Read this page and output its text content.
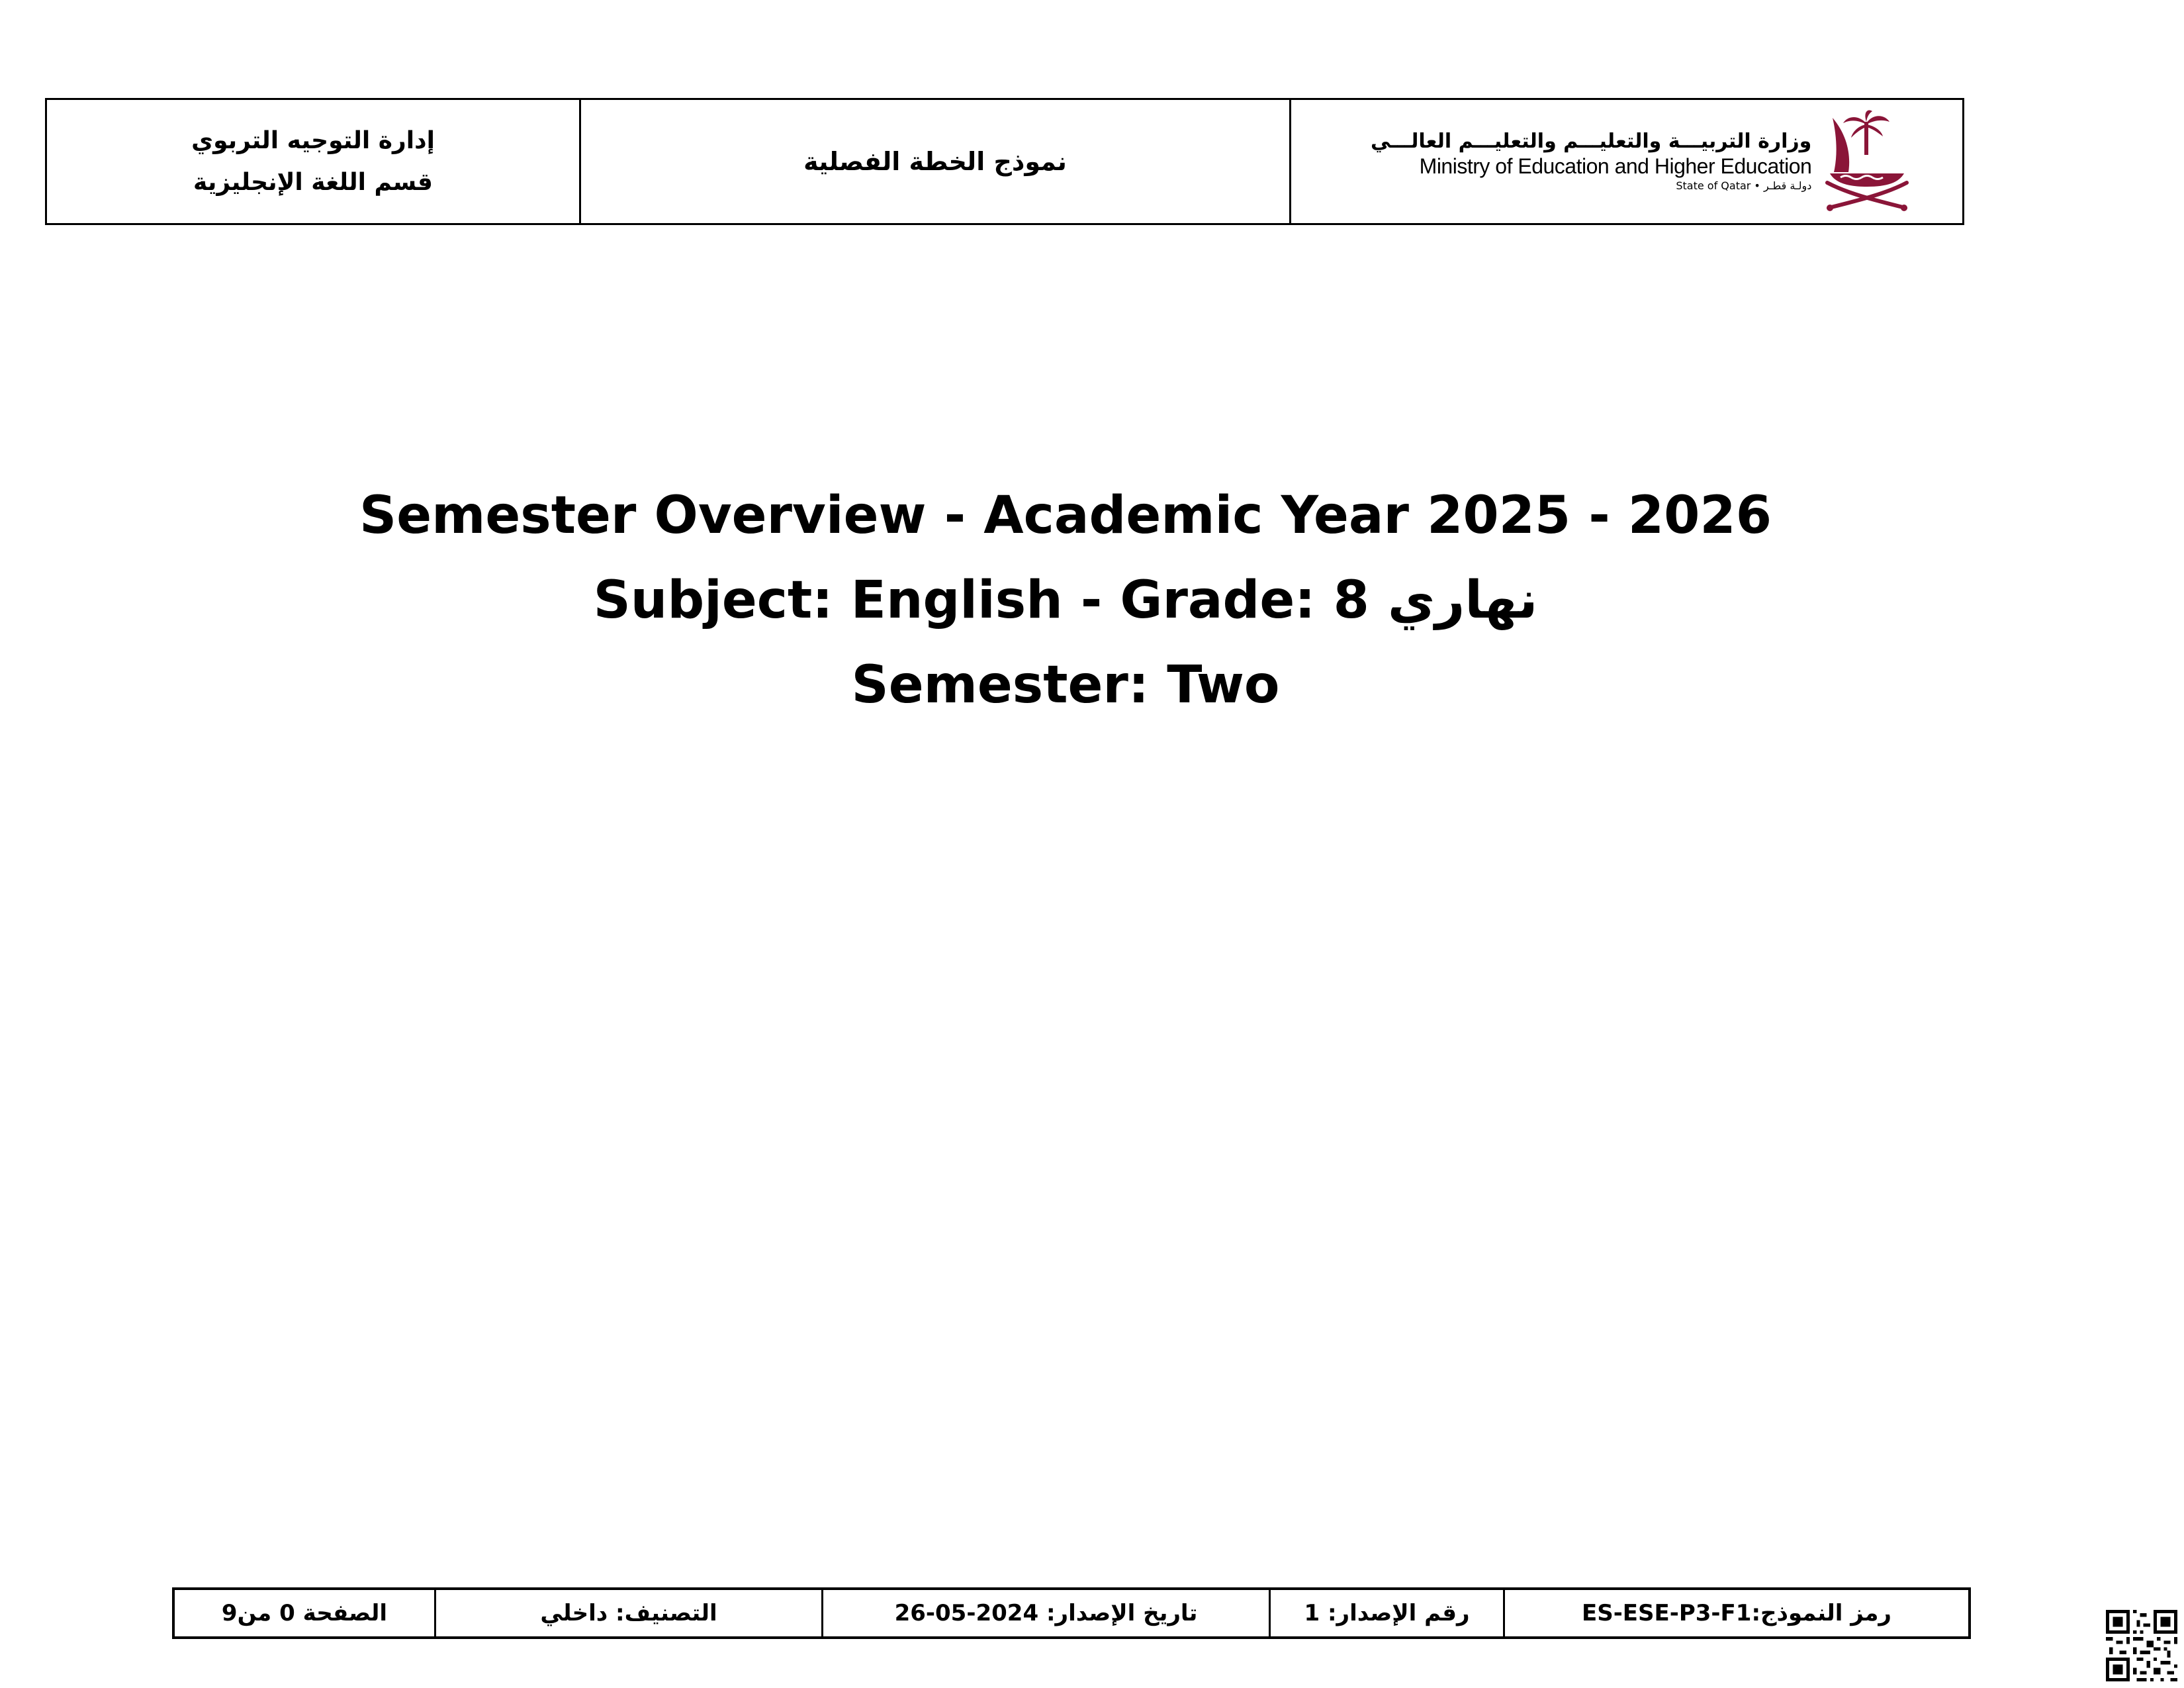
إدارة التوجيه التربوي
قسم اللغة الإنجليزية
نموذج الخطة الفصلية
وزارة التربيـــة والتعليـــم والتعليـــم العالـــي
Ministry of Education and Higher Education
State of Qatar • دولـة قطـر
Semester Overview - Academic Year 2025 - 2026
Subject: English - Grade: 8 نهاري
Semester: Two
رمز النموذج:ES-ESE-P3-F1
رقم الإصدار: 1
تاريخ الإصدار: 2024-05-26
التصنيف: داخلي
الصفحة 0 من9
